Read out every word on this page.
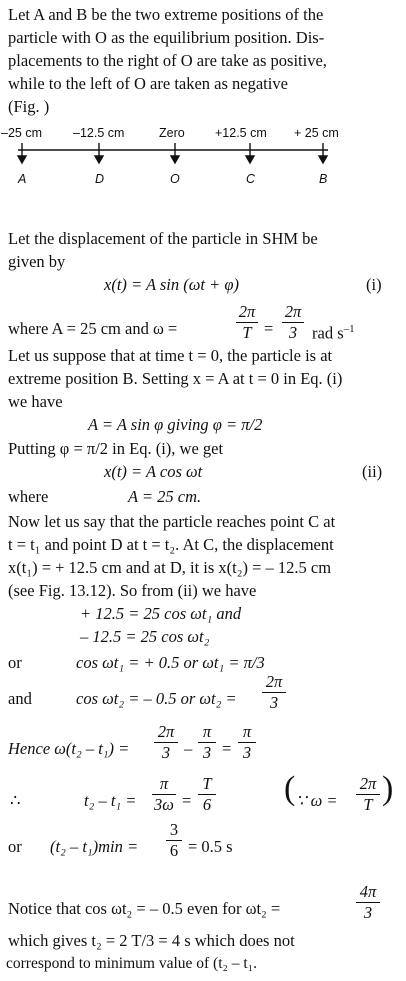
Let A and B be the two extreme positions of the
particle with O as the equilibrium position. Dis-
placements to the right of O are take as positive,
while to the left of O are taken as negative
(Fig. )
–25 cm –12.5 cm	Zero +12.5 cm + 25 cm
A	D	O	C	B
Let the displacement of the particle in SHM be
given by
x(t) = A sin (ωt + φ)	(i)
where A = 25 cm and ω =
2π
T =
2π
3 rad $s^{-1}$
Let us suppose that at time t = 0, the particle is at
extreme position B. Setting x = A at t = 0 in Eq. (i)
we have
A = A sin φ giving φ = π/2
Putting φ = π/2 in Eq. (i), we get
x(t) = A cos ωt	(ii)
where	A = 25 cm.
Now let us say that the particle reaches point C at
t = t₁ and point D at t = t₂. At C, the displacement
x(t₁) = + 12.5 cm and at D, it is x(t₂) = – 12.5 cm
(see Fig. 13.12). So from (ii) we have
+ 12.5 = 25 cos ωt₁ and
– 12.5 = 25 cos ωt₂
or	cos ωt₁ = + 0.5 or ωt₁ = π/3
and	cos ωt₂ = – 0.5 or ωt₂ =
2π
3
Hence ω(t₂ – t₁) =
2π
3 –
π
3 =
π
3
∴	t₂ – t₁ =
π
3ω =
T
6 ( ∵ ω =
2π
T )
or (t₂ – t₁)min =
3
6 = 0.5 s
Notice that cos ωt₂ = – 0.5 even for ωt₂ =
4π
3
which gives t₂ = 2 T/3 = 4 s which does not
correspond to minimum value of (t₂ – t₁.
